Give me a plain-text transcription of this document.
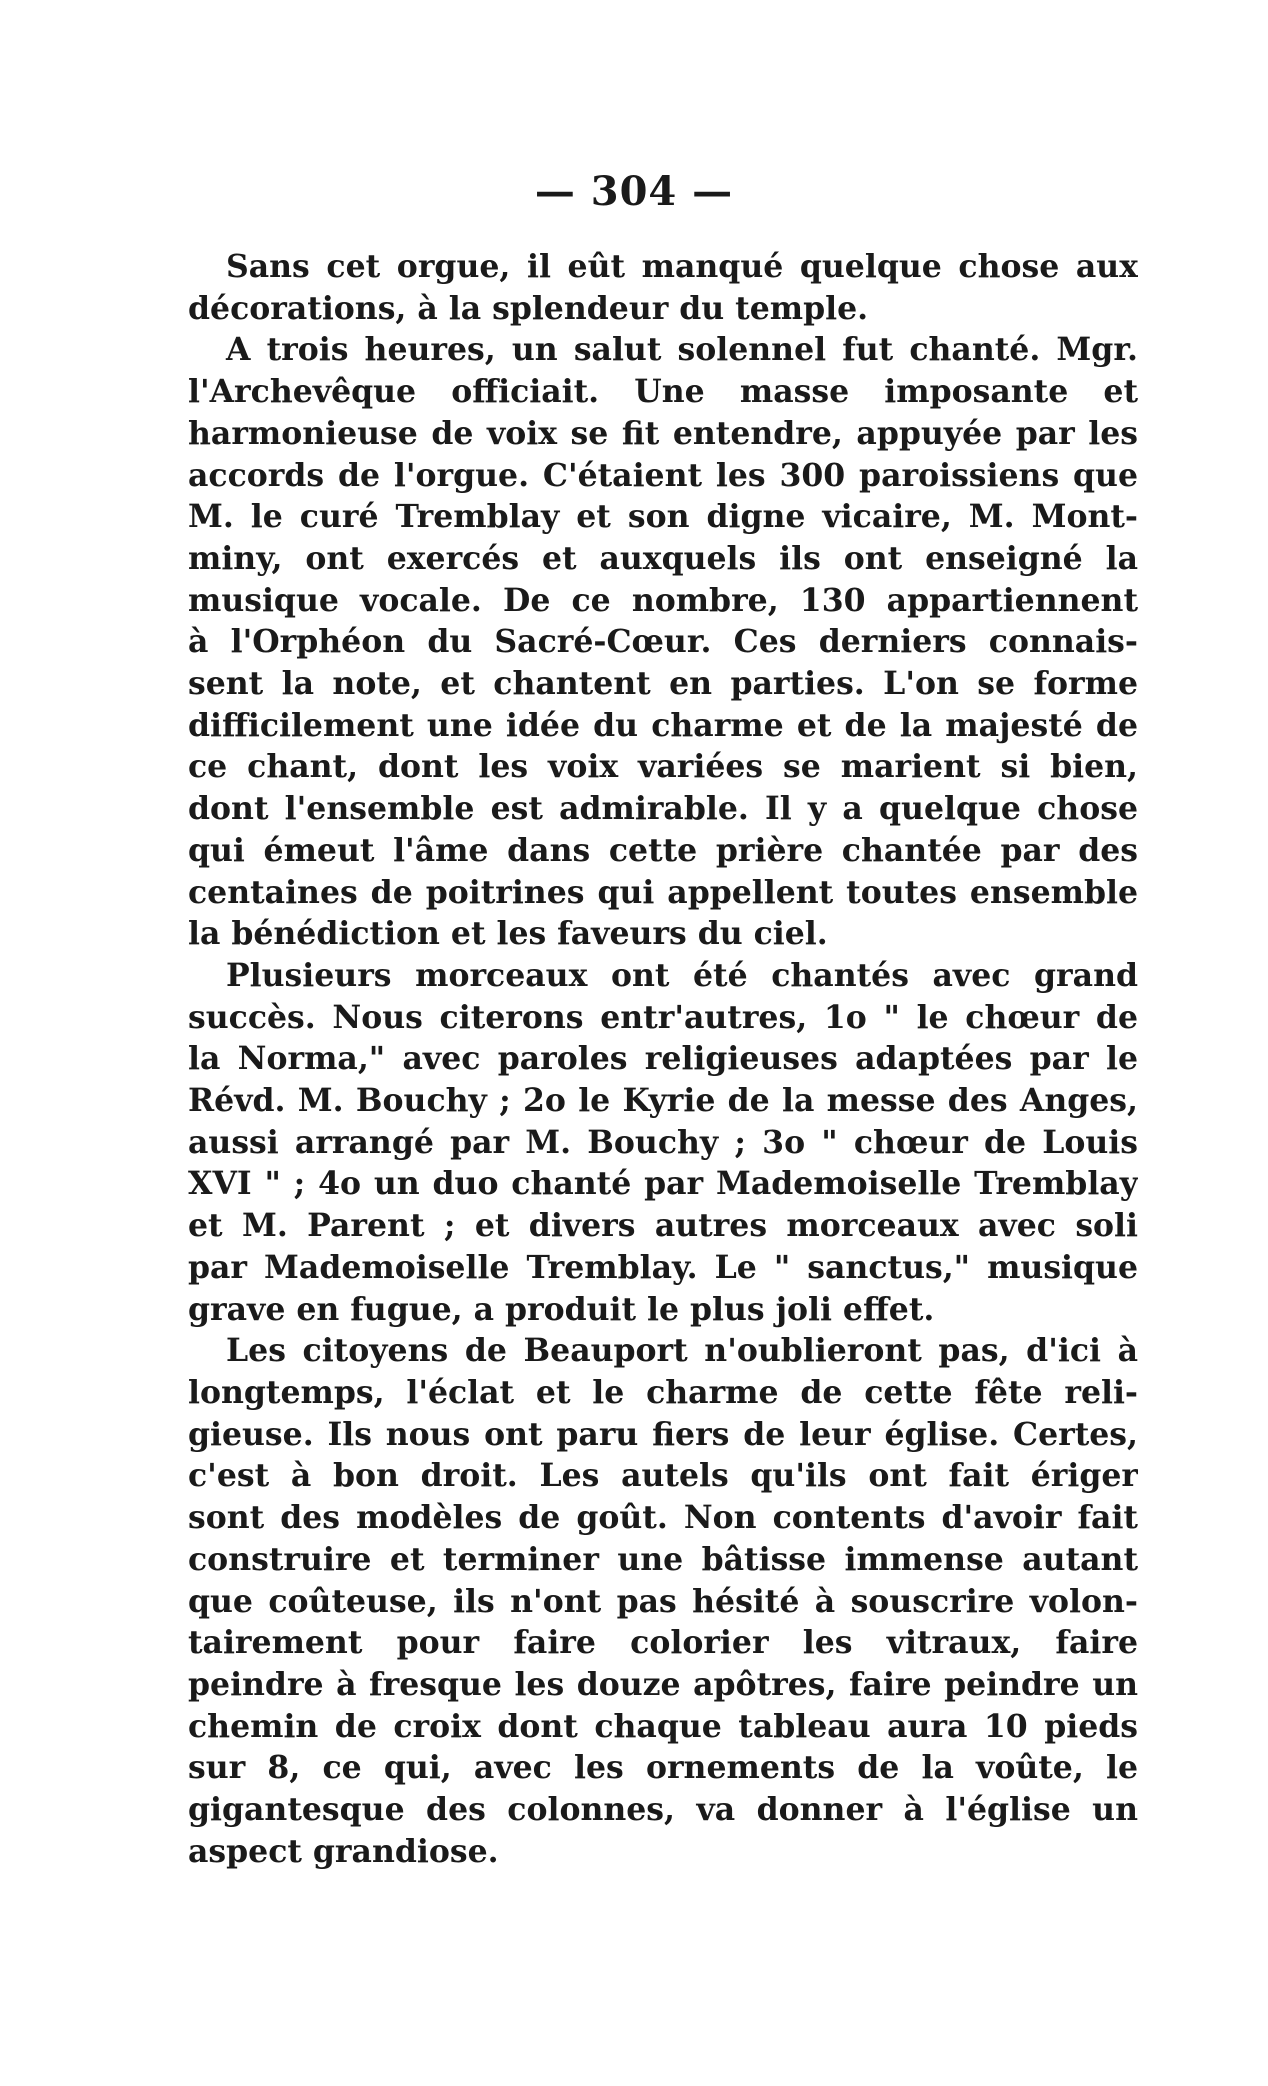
— 304 —
Sans cet orgue, il eût manqué quelque chose aux
décorations, à la splendeur du temple.
A trois heures, un salut solennel fut chanté. Mgr.
l'Archevêque officiait. Une masse imposante et
harmonieuse de voix se fit entendre, appuyée par les
accords de l'orgue. C'étaient les 300 paroissiens que
M. le curé Tremblay et son digne vicaire, M. Mont-
miny, ont exercés et auxquels ils ont enseigné la
musique vocale. De ce nombre, 130 appartiennent
à l'Orphéon du Sacré-Cœur. Ces derniers connais-
sent la note, et chantent en parties. L'on se forme
difficilement une idée du charme et de la majesté de
ce chant, dont les voix variées se marient si bien,
dont l'ensemble est admirable. Il y a quelque chose
qui émeut l'âme dans cette prière chantée par des
centaines de poitrines qui appellent toutes ensemble
la bénédiction et les faveurs du ciel.
Plusieurs morceaux ont été chantés avec grand
succès. Nous citerons entr'autres, 1o " le chœur de
la Norma," avec paroles religieuses adaptées par le
Révd. M. Bouchy ; 2o le Kyrie de la messe des Anges,
aussi arrangé par M. Bouchy ; 3o " chœur de Louis
XVI " ; 4o un duo chanté par Mademoiselle Tremblay
et M. Parent ; et divers autres morceaux avec soli
par Mademoiselle Tremblay. Le " sanctus," musique
grave en fugue, a produit le plus joli effet.
Les citoyens de Beauport n'oublieront pas, d'ici à
longtemps, l'éclat et le charme de cette fête reli-
gieuse. Ils nous ont paru fiers de leur église. Certes,
c'est à bon droit. Les autels qu'ils ont fait ériger
sont des modèles de goût. Non contents d'avoir fait
construire et terminer une bâtisse immense autant
que coûteuse, ils n'ont pas hésité à souscrire volon-
tairement pour faire colorier les vitraux, faire
peindre à fresque les douze apôtres, faire peindre un
chemin de croix dont chaque tableau aura 10 pieds
sur 8, ce qui, avec les ornements de la voûte, le
gigantesque des colonnes, va donner à l'église un
aspect grandiose.
